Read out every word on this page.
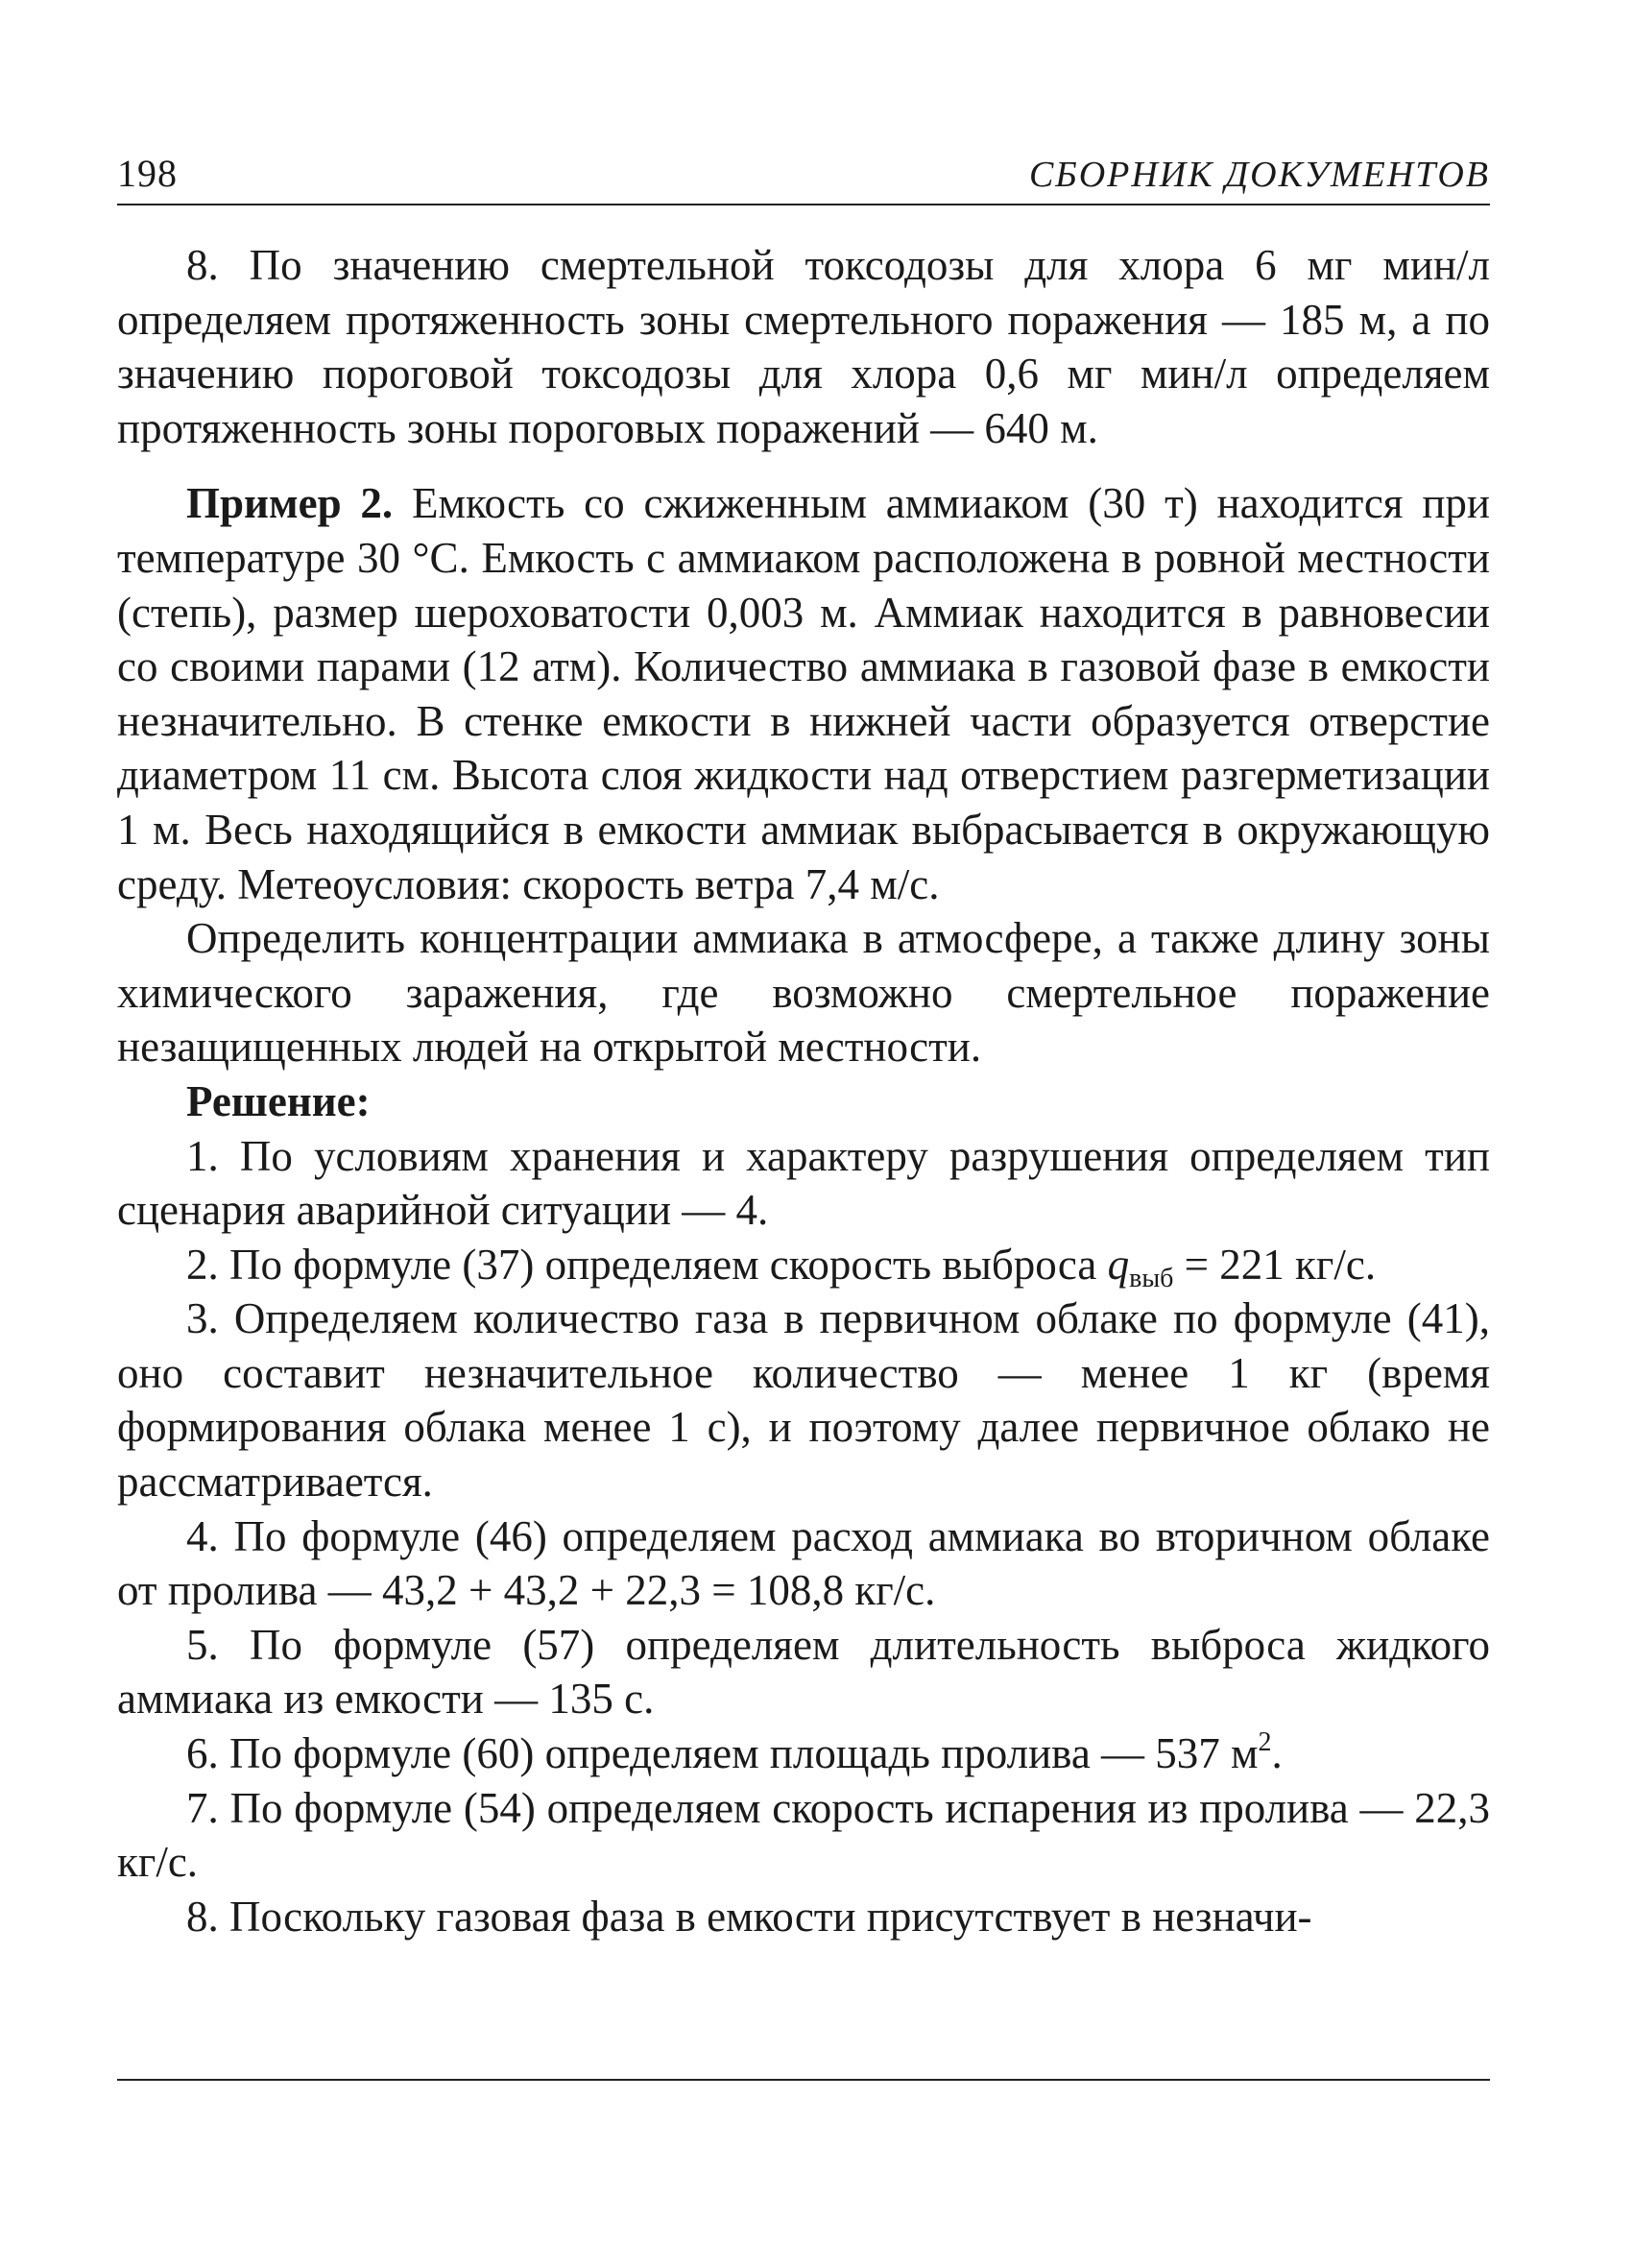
198	СБОРНИК ДОКУМЕНТОВ

8. По значению смертельной токсодозы для хлора 6 мг мин/л определяем протяженность зоны смертельного поражения — 185 м, а по значению пороговой токсодозы для хлора 0,6 мг мин/л определяем протяженность зоны пороговых поражений — 640 м.

Пример 2. Емкость со сжиженным аммиаком (30 т) находится при температуре 30 °С. Емкость с аммиаком расположена в ровной местности (степь), размер шероховатости 0,003 м. Аммиак находится в равновесии со своими парами (12 атм). Количество аммиака в газовой фазе в емкости незначительно. В стенке емкости в нижней части образуется отверстие диаметром 11 см. Высота слоя жидкости над отверстием разгерметизации 1 м. Весь находящийся в емкости аммиак выбрасывается в окружающую среду. Метеоусловия: скорость ветра 7,4 м/с.

Определить концентрации аммиака в атмосфере, а также длину зоны химического заражения, где возможно смертельное поражение незащищенных людей на открытой местности.

Решение:

1. По условиям хранения и характеру разрушения определяем тип сценария аварийной ситуации — 4.

2. По формуле (37) определяем скорость выброса $q_{выб} = 221$ кг/с.

3. Определяем количество газа в первичном облаке по формуле (41), оно составит незначительное количество — менее 1 кг (время формирования облака менее 1 с), и поэтому далее первичное облако не рассматривается.

4. По формуле (46) определяем расход аммиака во вторичном облаке от пролива — 43,2 + 43,2 + 22,3 = 108,8 кг/с.

5. По формуле (57) определяем длительность выброса жидкого аммиака из емкости — 135 с.

6. По формуле (60) определяем площадь пролива — 537 $м^2$.

7. По формуле (54) определяем скорость испарения из пролива — 22,3 кг/с.

8. Поскольку газовая фаза в емкости присутствует в незначи-
